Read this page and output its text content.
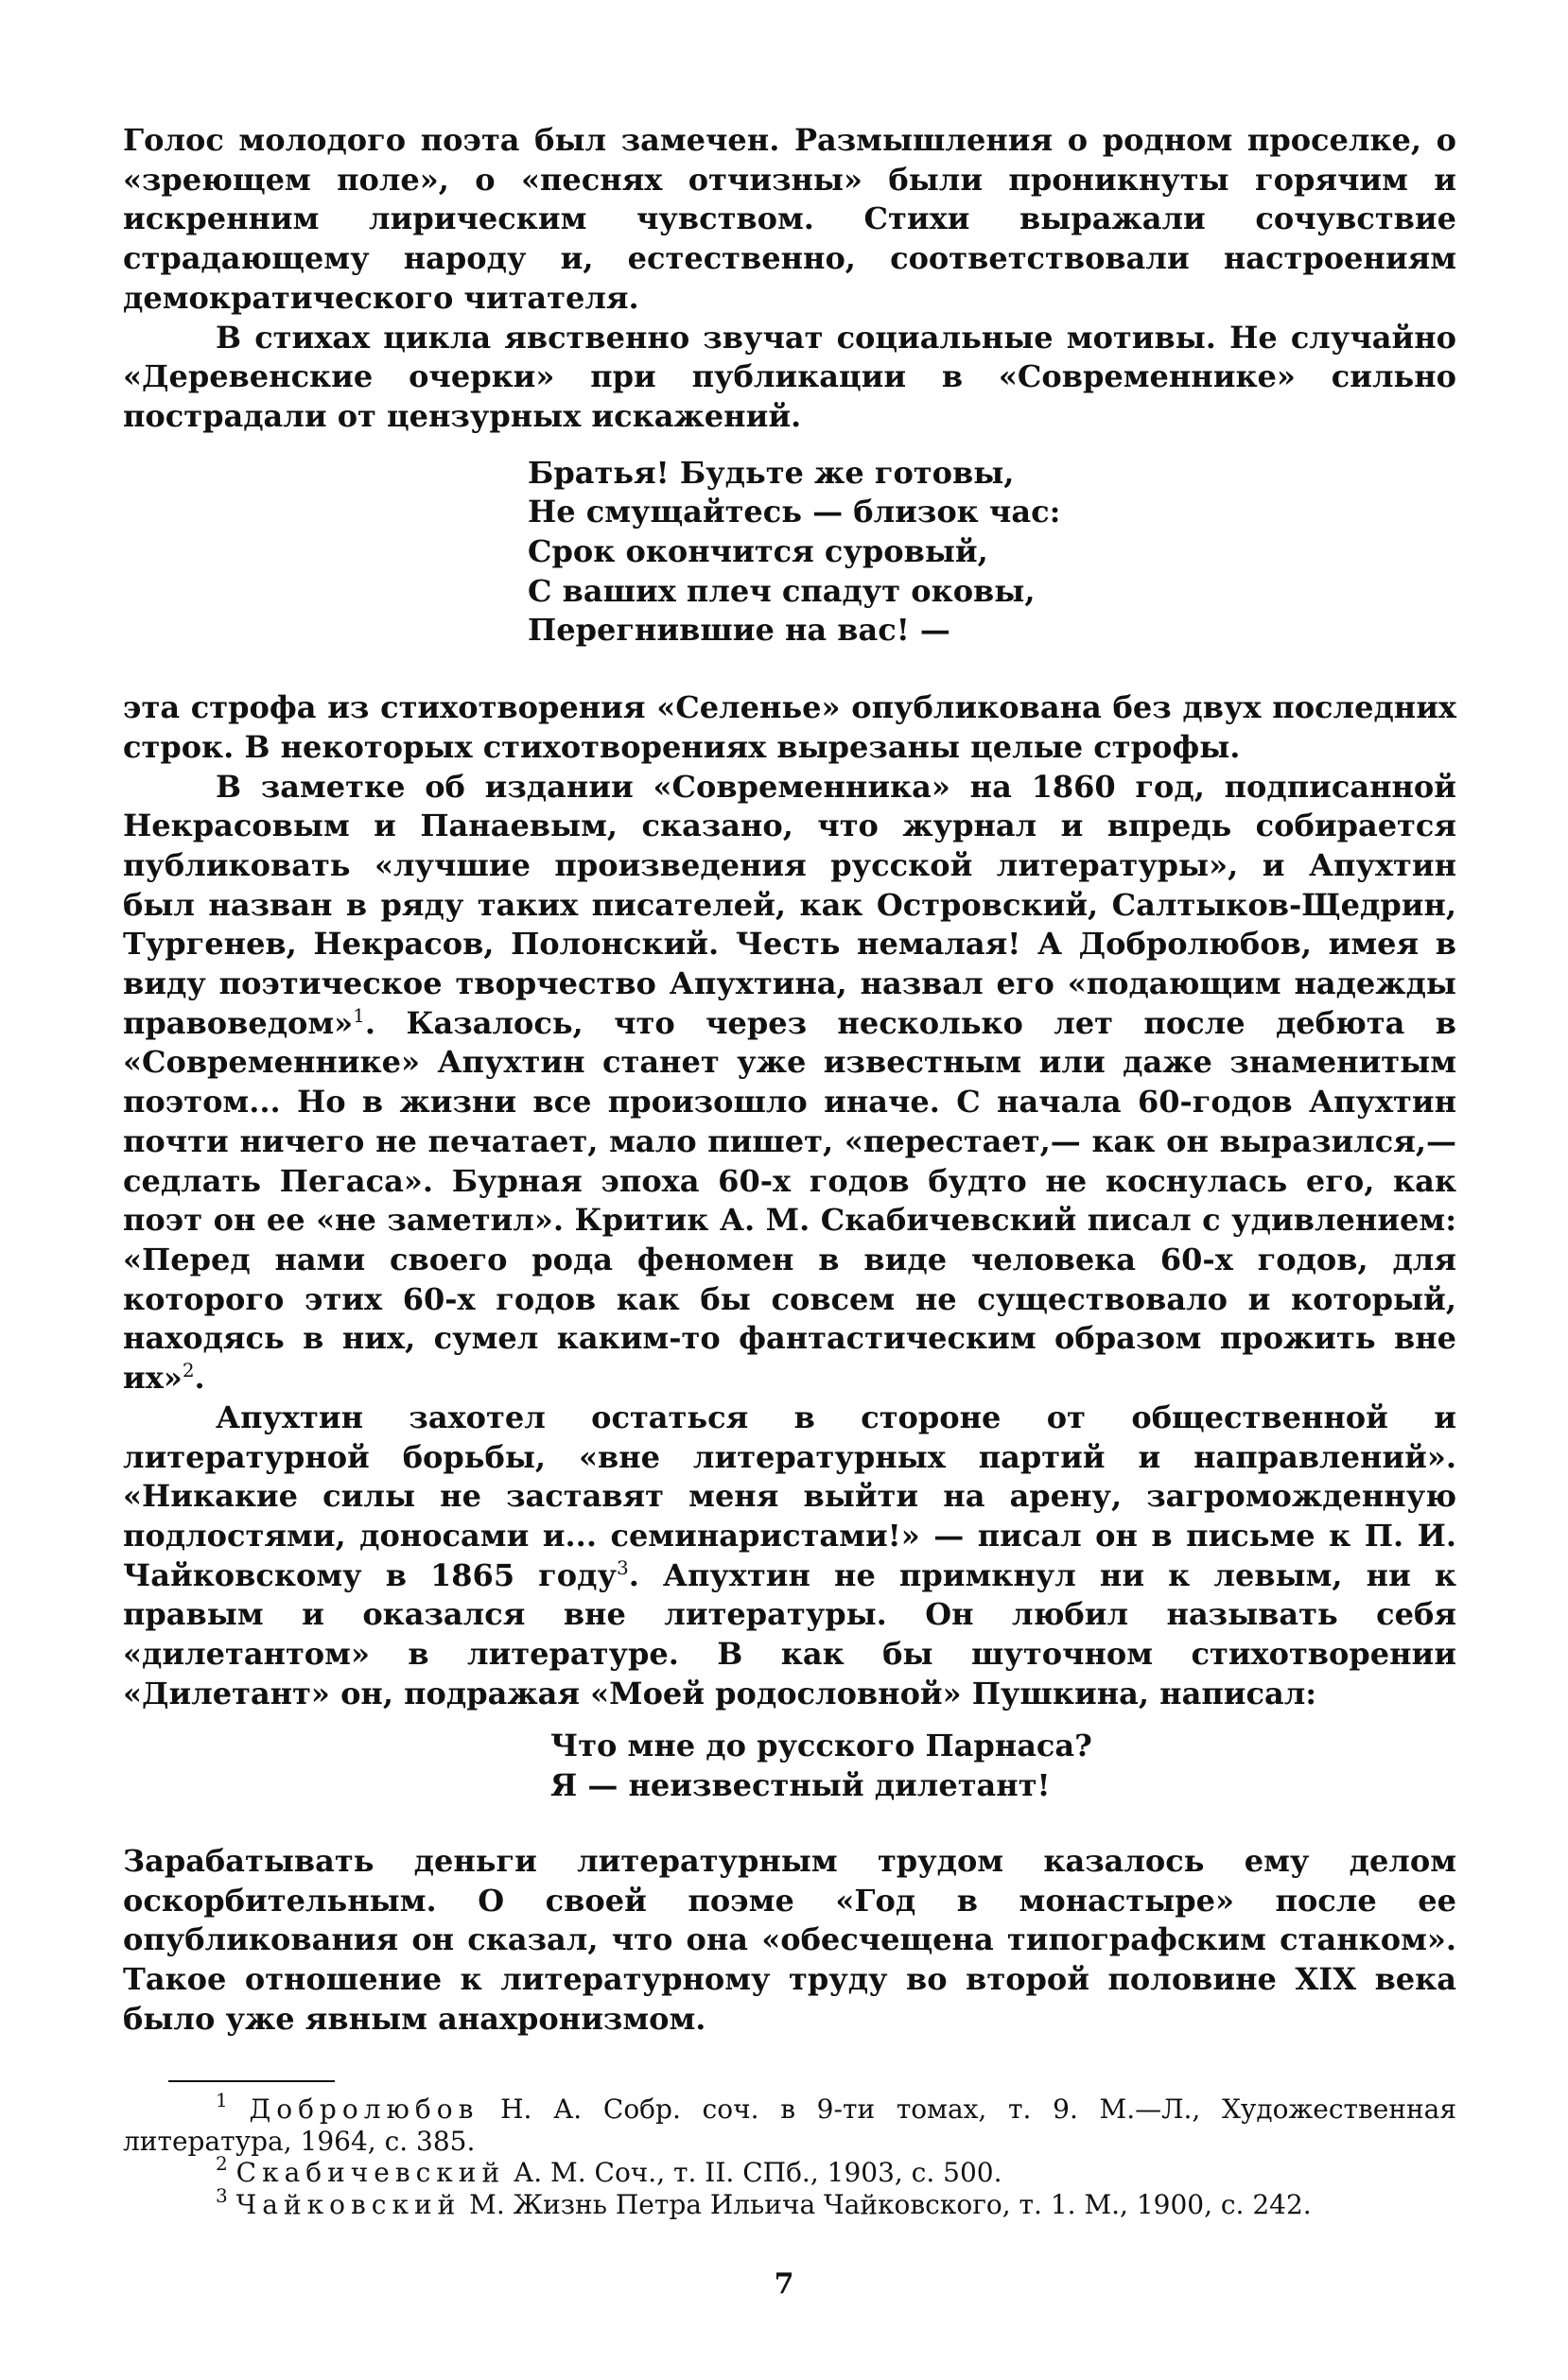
Голос молодого поэта был замечен. Размышления о родном проселке, о «зреющем поле», о «песнях отчизны» были проникнуты горячим и искренним лирическим чувством. Стихи выражали сочувствие страдающему народу и, естественно, соответствовали настроениям демократического читателя.

В стихах цикла явственно звучат социальные мотивы. Не случайно «Деревенские очерки» при публикации в «Современнике» сильно пострадали от цензурных искажений.

Братья! Будьте же готовы,
Не смущайтесь — близок час:
Срок окончится суровый,
С ваших плеч спадут оковы,
Перегнившие на вас! —

эта строфа из стихотворения «Селенье» опубликована без двух последних строк. В некоторых стихотворениях вырезаны целые строфы.

В заметке об издании «Современника» на 1860 год, подписанной Некрасовым и Панаевым, сказано, что журнал и впредь собирается публиковать «лучшие произведения русской литературы», и Апухтин был назван в ряду таких писателей, как Островский, Салтыков-Щедрин, Тургенев, Некрасов, Полонский. Честь немалая! А Добролюбов, имея в виду поэтическое творчество Апухтина, назвал его «подающим надежды правоведом»$^1$. Казалось, что через несколько лет после дебюта в «Современнике» Апухтин станет уже известным или даже знаменитым поэтом... Но в жизни все произошло иначе. С начала 60-годов Апухтин почти ничего не печатает, мало пишет, «перестает,— как он выразился,— седлать Пегаса». Бурная эпоха 60-х годов будто не коснулась его, как поэт он ее «не заметил». Критик А. М. Скабичевский писал с удивлением: «Перед нами своего рода феномен в виде человека 60-х годов, для которого этих 60-х годов как бы совсем не существовало и который, находясь в них, сумел каким-то фантастическим образом прожить вне их»$^2$.

Апухтин захотел остаться в стороне от общественной и литературной борьбы, «вне литературных партий и направлений». «Никакие силы не заставят меня выйти на арену, загроможденную подлостями, доносами и... семинаристами!» — писал он в письме к П. И. Чайковскому в 1865 году$^3$. Апухтин не примкнул ни к левым, ни к правым и оказался вне литературы. Он любил называть себя «дилетантом» в литературе. В как бы шуточном стихотворении «Дилетант» он, подражая «Моей родословной» Пушкина, написал:

Что мне до русского Парнаса?
Я — неизвестный дилетант!

Зарабатывать деньги литературным трудом казалось ему делом оскорбительным. О своей поэме «Год в монастыре» после ее опубликования он сказал, что она «обесчещена типографским станком». Такое отношение к литературному труду во второй половине XIX века было уже явным анахронизмом.

$^1$ Добролюбов Н. А. Собр. соч. в 9-ти томах, т. 9. М.—Л., Художественная литература, 1964, с. 385.

$^2$ Скабичевский А. М. Соч., т. II. СПб., 1903, с. 500.

$^3$ Чайковский М. Жизнь Петра Ильича Чайковского, т. 1. М., 1900, с. 242.

7
